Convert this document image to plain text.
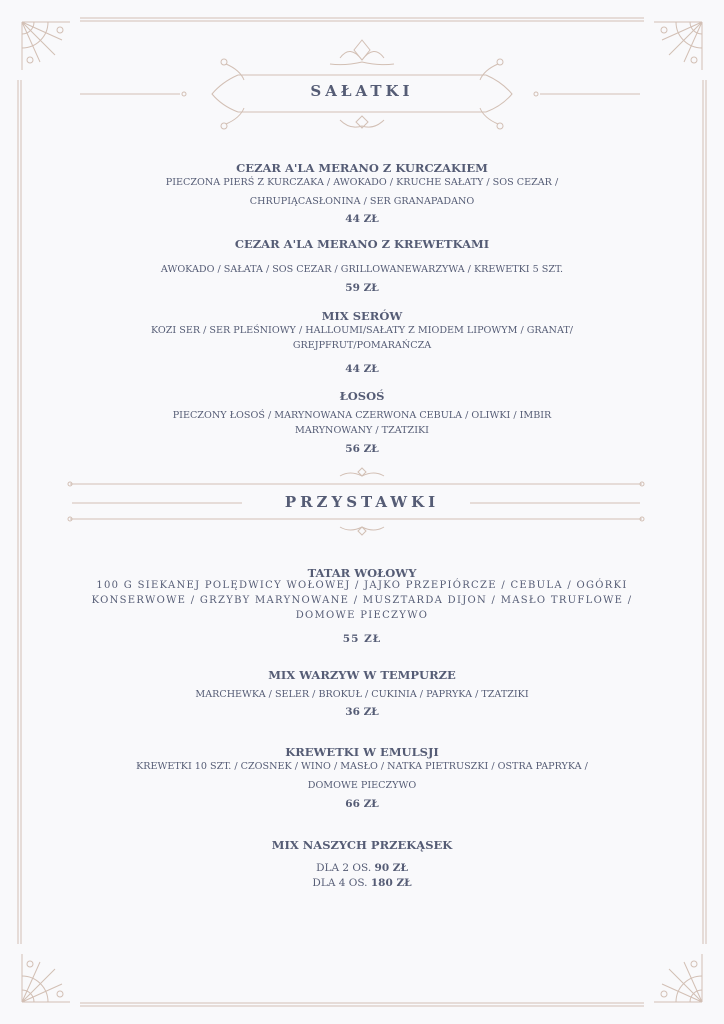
SAŁATKI
CEZAR A'LA MERANO Z KURCZAKIEM
PIECZONA PIERŚ Z KURCZAKA / AWOKADO / KRUCHE SAŁATY / SOS CEZAR /
CHRUPIĄCASŁONINA / SER GRANAPADANO
44 ZŁ
CEZAR A'LA MERANO Z KREWETKAMI
AWOKADO / SAŁATA / SOS CEZAR / GRILLOWANEWARZYWA / KREWETKI 5 SZT.
59 ZŁ
MIX SERÓW
KOZI SER / SER PLEŚNIOWY / HALLOUMI/SAŁATY Z MIODEM LIPOWYM / GRANAT/
GREJPFRUT/POMARAŃCZA
44 ZŁ
ŁOSOŚ
PIECZONY ŁOSOŚ / MARYNOWANA CZERWONA CEBULA / OLIWKI / IMBIR
MARYNOWANY / TZATZIKI
56 ZŁ
PRZYSTAWKI
TATAR WOŁOWY
100 G SIEKANEJ POLĘDWICY WOŁOWEJ / JAJKO PRZEPIÓRCZE / CEBULA / OGÓRKI
KONSERWOWE / GRZYBY MARYNOWANE / MUSZTARDA DIJON / MASŁO TRUFLOWE /
DOMOWE PIECZYWO
55 ZŁ
MIX WARZYW W TEMPURZE
MARCHEWKA / SELER / BROKUŁ / CUKINIA / PAPRYKA / TZATZIKI
36 ZŁ
KREWETKI W EMULSJI
KREWETKI 10 SZT. / CZOSNEK / WINO / MASŁO / NATKA PIETRUSZKI / OSTRA PAPRYKA /
DOMOWE PIECZYWO
66 ZŁ
MIX NASZYCH PRZEKĄSEK
DLA 2 OS. 90 ZŁ
DLA 4 OS. 180 ZŁ
